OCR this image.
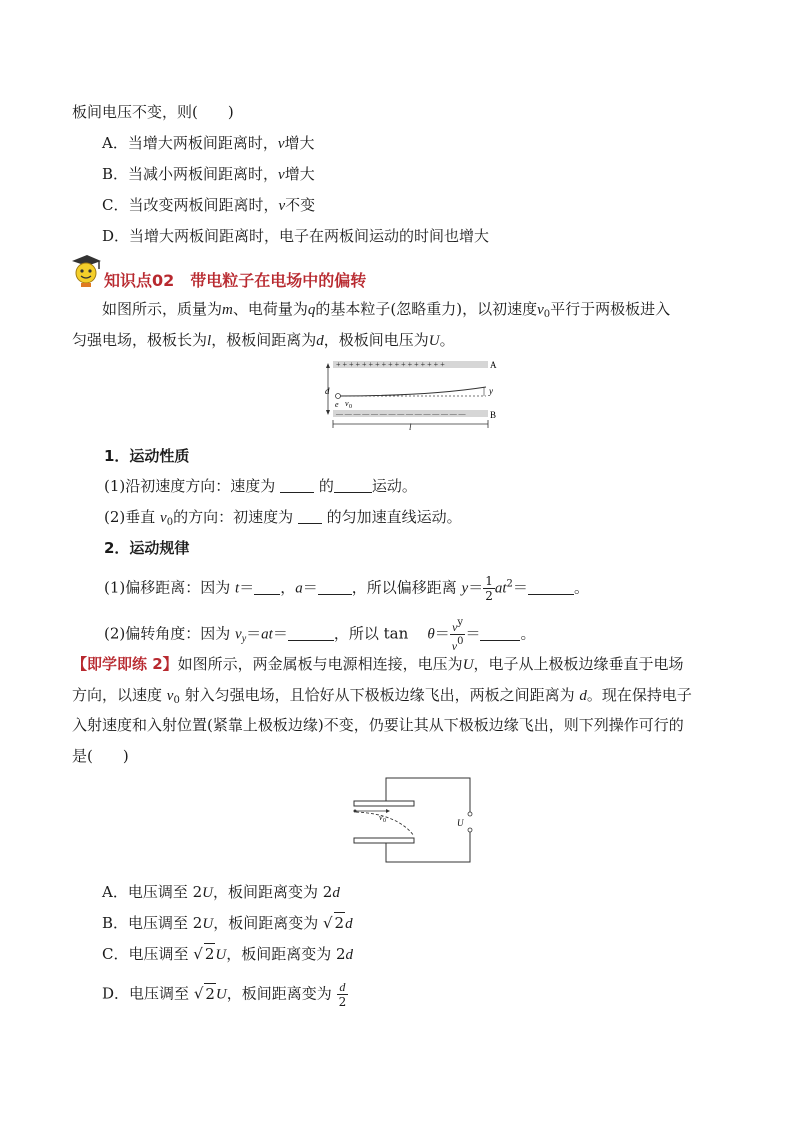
板间电压不变，则(　　)
A．当增大两板间距离时，v增大
B．当减小两板间距离时，v增大
C．当改变两板间距离时，v不变
D．当增大两板间距离时，电子在两板间运动的时间也增大
知识点02　带电粒子在电场中的偏转
如图所示，质量为m、电荷量为q的基本粒子(忽略重力)，以初速度$v_0$平行于两极板进入
匀强电场，极板长为l，极板间距离为d，极板间电压为U。
+ + + + + + + + + + + + + + + + +
— — — — — — — — — — — — — — —
A
B
d	y
e v 0
l
1．运动性质
(1)沿初速度方向：速度为	的	运动。
(2)垂直 $v_0$的方向：初速度为 的匀加速直线运动。
2．运动规律
(1)偏移距离：因为 t＝ ，a＝ ，所以偏移距离 $y= \frac{1}{2} at^2=$	。
(2)偏转角度：因为 $v_y=at=$	，所以 $\tan \theta= \frac{v^y}{v^0}$ ＝	。
【即学即练 2】如图所示，两金属板与电源相连接，电压为U，电子从上极板边缘垂直于电场
方向，以速度 $v_0$ 射入匀强电场，且恰好从下极板边缘飞出，两板之间距离为 d。现在保持电子
入射速度和入射位置(紧靠上极板边缘)不变，仍要让其从下极板边缘飞出，则下列操作可行的
是(　　)
v 0	U
A．电压调至 2U，板间距离变为 2d
B．电压调至 2U，板间距离变为 √ 2d
C．电压调至 √ 2U，板间距离变为 2d
D．电压调至 √ 2U，板间距离变为 $\frac{d}{2}$
